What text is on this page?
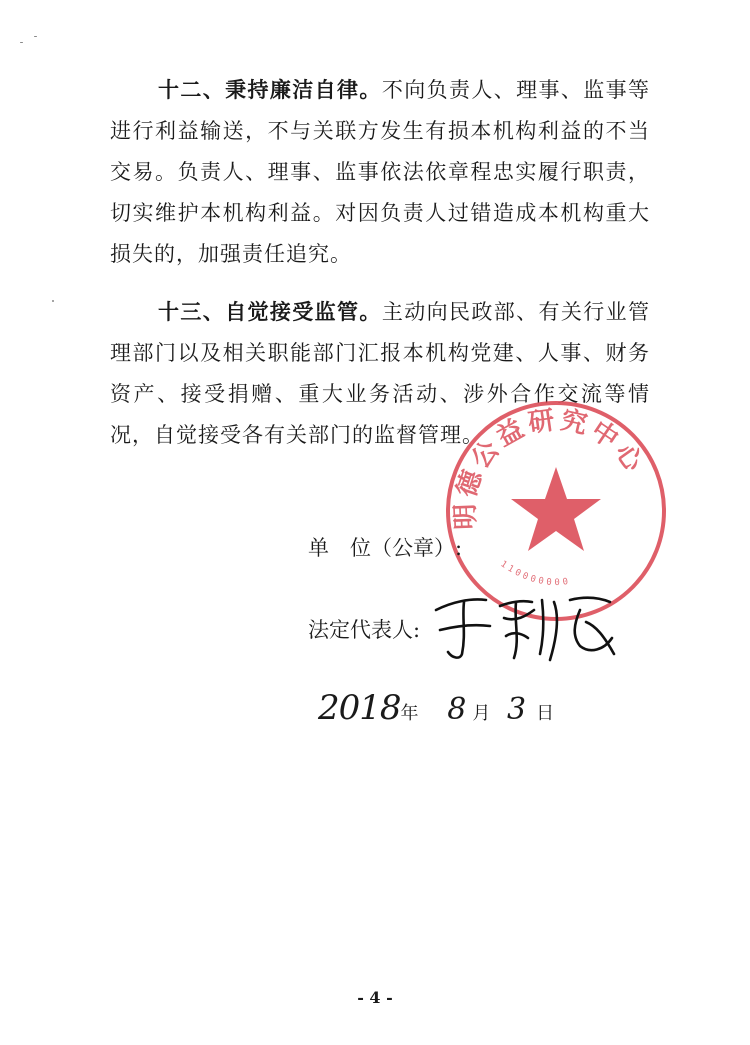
十二、秉持廉洁自律。不向负责人、理事、监事等进行利益输送，不与关联方发生有损本机构利益的不当交易。负责人、理事、监事依法依章程忠实履行职责，切实维护本机构利益。对因负责人过错造成本机构重大损失的，加强责任追究。

十三、自觉接受监管。主动向民政部、有关行业管理部门以及相关职能部门汇报本机构党建、人事、财务资产、接受捐赠、重大业务活动、涉外合作交流等情况，自觉接受各有关部门的监督管理。

明德公益研究中心
110000000
单　位（公章）:
法定代表人:
2018年 8 月 3 日
- 4 -
